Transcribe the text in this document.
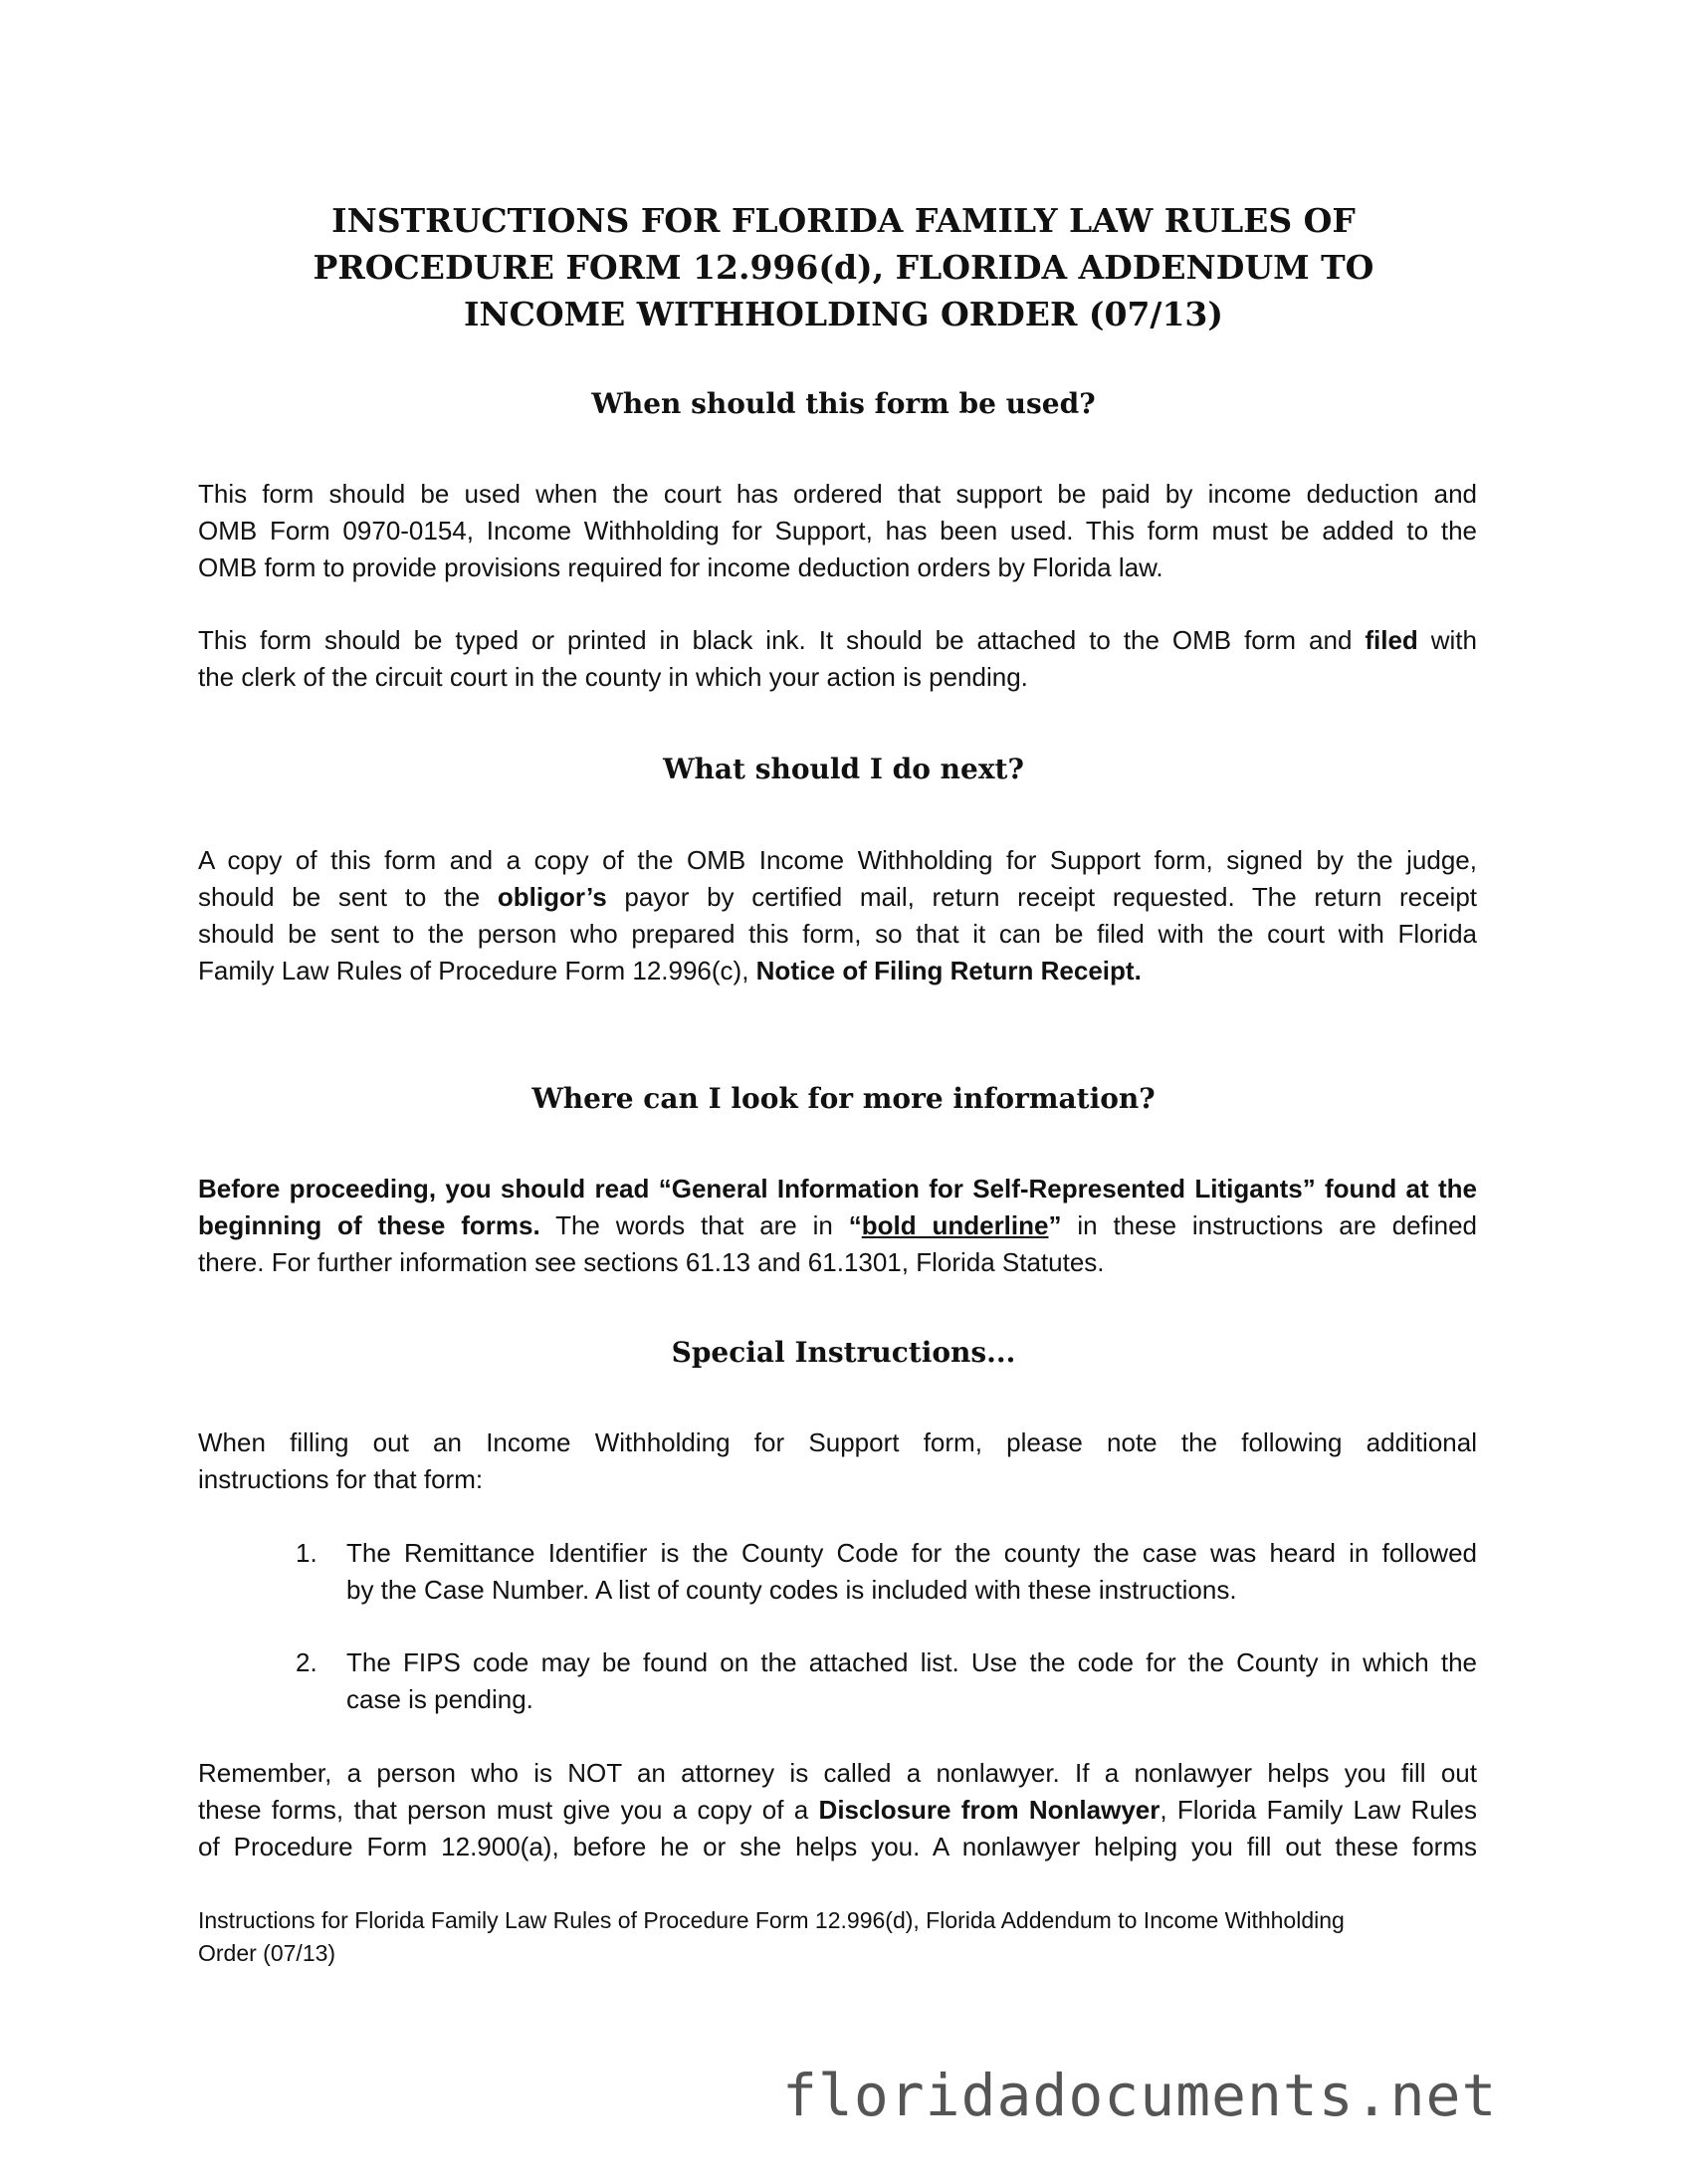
INSTRUCTIONS FOR FLORIDA FAMILY LAW RULES OF
PROCEDURE FORM 12.996(d), FLORIDA ADDENDUM TO
INCOME WITHHOLDING ORDER (07/13)
When should this form be used?
This form should be used when the court has ordered that support be paid by income deduction and
OMB Form 0970-0154, Income Withholding for Support, has been used. This form must be added to the
OMB form to provide provisions required for income deduction orders by Florida law.
This form should be typed or printed in black ink. It should be attached to the OMB form and filed with
the clerk of the circuit court in the county in which your action is pending.
What should I do next?
A copy of this form and a copy of the OMB Income Withholding for Support form, signed by the judge,
should be sent to the obligor’s payor by certified mail, return receipt requested. The return receipt
should be sent to the person who prepared this form, so that it can be filed with the court with Florida
Family Law Rules of Procedure Form 12.996(c), Notice of Filing Return Receipt.
Where can I look for more information?
Before proceeding, you should read “General Information for Self-Represented Litigants” found at the
beginning of these forms. The words that are in “bold underline” in these instructions are defined
there. For further information see sections 61.13 and 61.1301, Florida Statutes.
Special Instructions...
When filling out an Income Withholding for Support form, please note the following additional
instructions for that form:
1. The Remittance Identifier is the County Code for the county the case was heard in followed
by the Case Number. A list of county codes is included with these instructions.
2. The FIPS code may be found on the attached list. Use the code for the County in which the
case is pending.
Remember, a person who is NOT an attorney is called a nonlawyer. If a nonlawyer helps you fill out
these forms, that person must give you a copy of a Disclosure from Nonlawyer, Florida Family Law Rules
of Procedure Form 12.900(a), before he or she helps you. A nonlawyer helping you fill out these forms
Instructions for Florida Family Law Rules of Procedure Form 12.996(d), Florida Addendum to Income Withholding
Order (07/13)
floridadocuments.net
